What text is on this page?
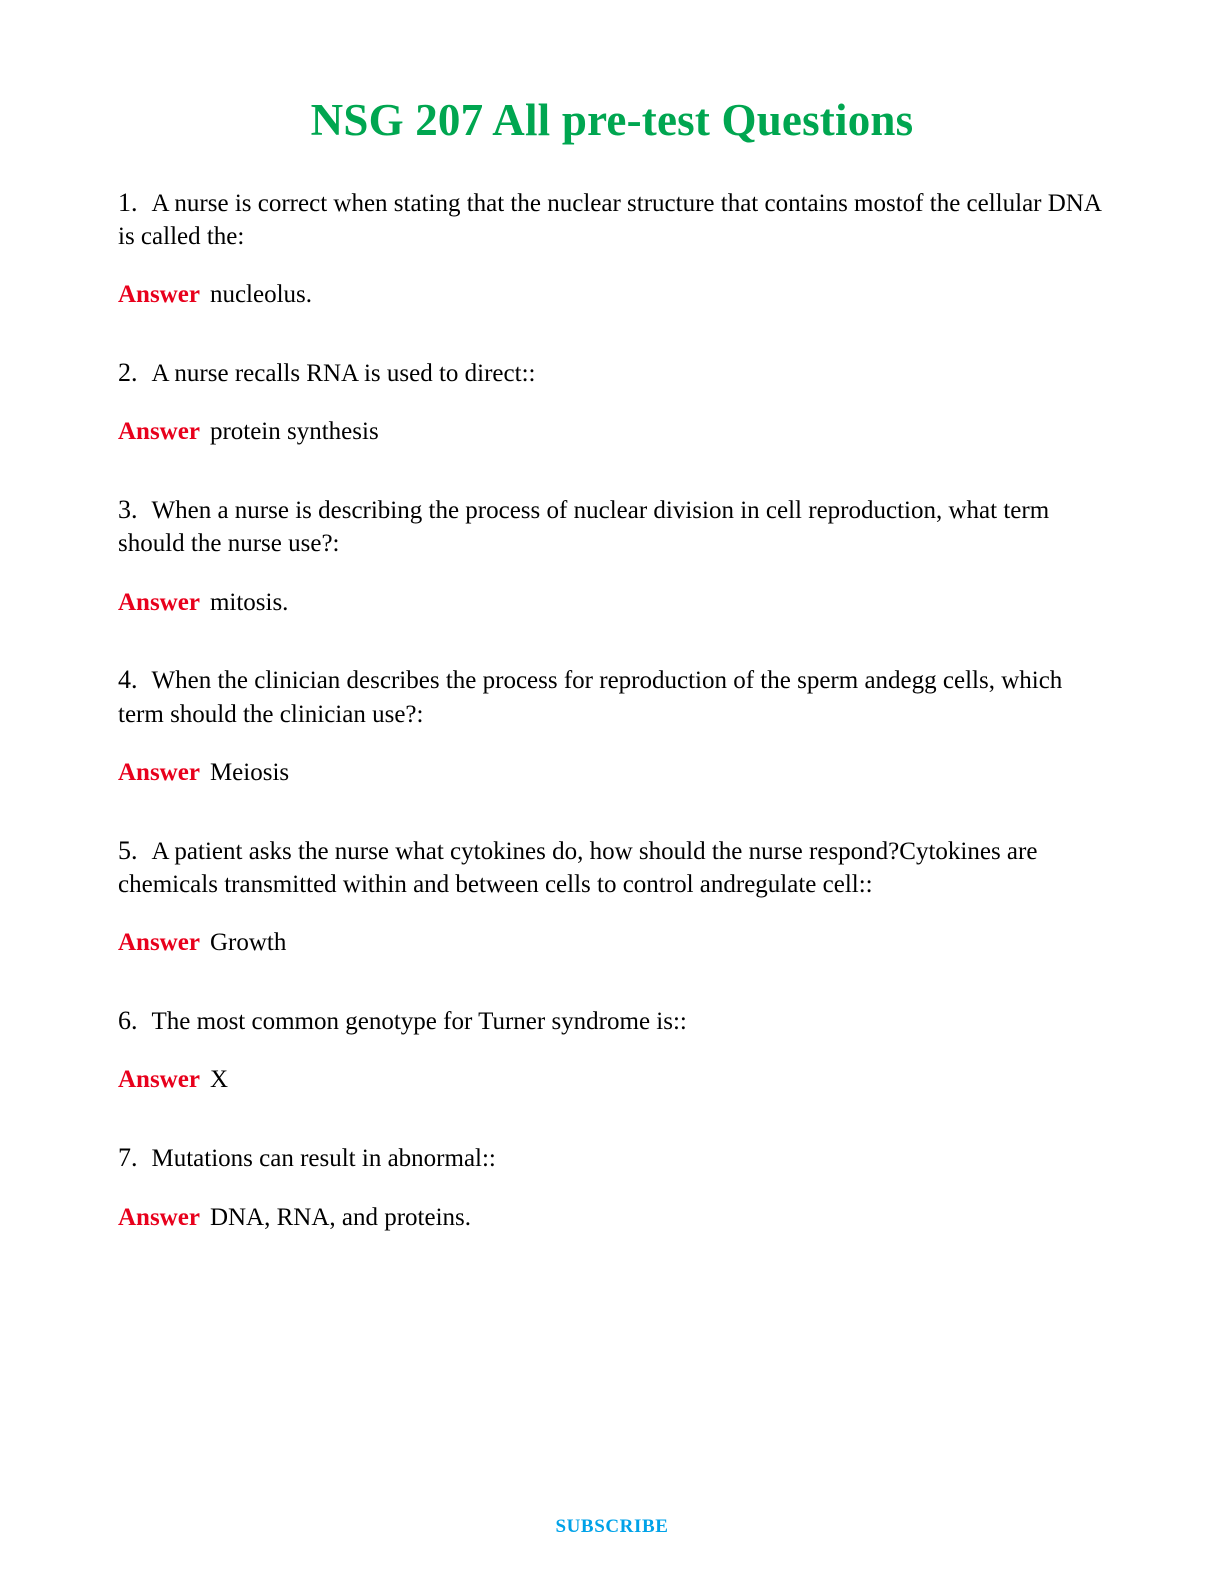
NSG 207 All pre-test Questions

1. A nurse is correct when stating that the nuclear structure that contains mostof the cellular DNA is called the:

Answer nucleolus.

2. A nurse recalls RNA is used to direct::

Answer protein synthesis

3. When a nurse is describing the process of nuclear division in cell reproduction, what term should the nurse use?:

Answer mitosis.

4. When the clinician describes the process for reproduction of the sperm andegg cells, which term should the clinician use?:

Answer Meiosis

5. A patient asks the nurse what cytokines do, how should the nurse respond?Cytokines are chemicals transmitted within and between cells to control andregulate cell::

Answer Growth

6. The most common genotype for Turner syndrome is::

Answer X

7. Mutations can result in abnormal::

Answer DNA, RNA, and proteins.

SUBSCRIBE
